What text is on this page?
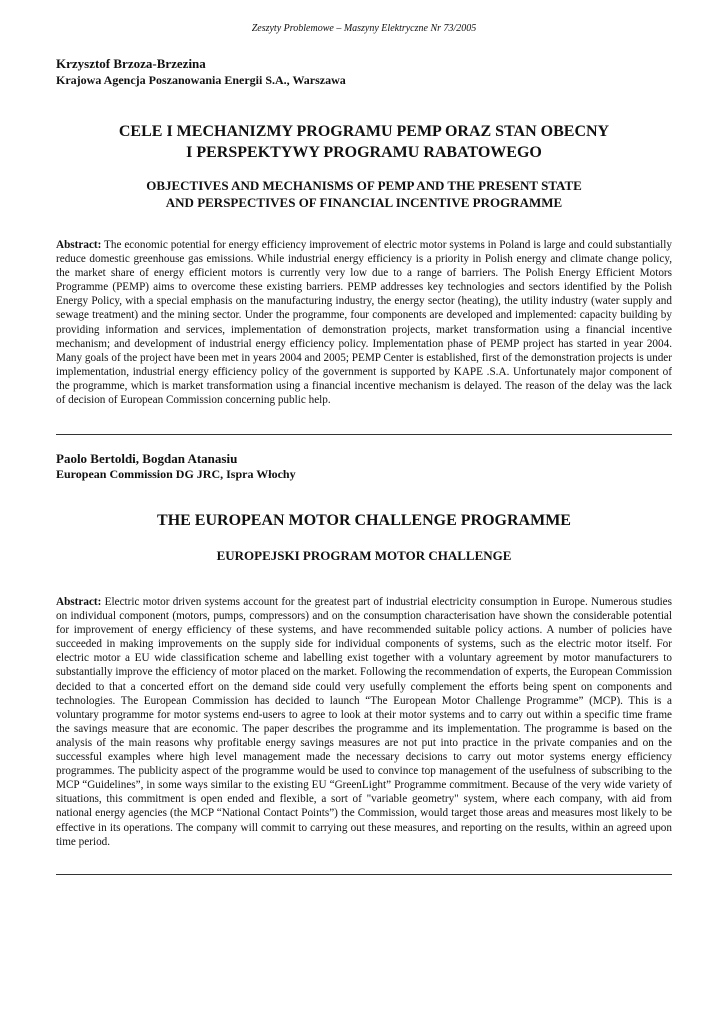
Zeszyty Problemowe – Maszyny Elektryczne Nr 73/2005
Krzysztof Brzoza-Brzezina
Krajowa Agencja Poszanowania Energii S.A., Warszawa
CELE I MECHANIZMY PROGRAMU PEMP ORAZ STAN OBECNY
I PERSPEKTYWY PROGRAMU RABATOWEGO
OBJECTIVES AND MECHANISMS OF PEMP AND THE PRESENT STATE
AND PERSPECTIVES OF FINANCIAL INCENTIVE PROGRAMME

Abstract: The economic potential for energy efficiency improvement of electric motor systems in Poland is large and could substantially reduce domestic greenhouse gas emissions. While industrial energy efficiency is a priority in Polish energy and climate change policy, the market share of energy efficient motors is currently very low due to a range of barriers. The Polish Energy Efficient Motors Programme (PEMP) aims to overcome these existing barriers. PEMP addresses key technologies and sectors identified by the Polish Energy Policy, with a special emphasis on the manufacturing industry, the energy sector (heating), the utility industry (water supply and sewage treatment) and the mining sector. Under the programme, four components are developed and implemented: capacity building by providing information and services, implementation of demonstration projects, market transformation using a financial incentive mechanism; and development of industrial energy efficiency policy. Implementation phase of PEMP project has started in year 2004. Many goals of the project have been met in years 2004 and 2005; PEMP Center is established, first of the demonstration projects is under implementation, industrial energy efficiency policy of the government is supported by KAPE .S.A. Unfortunately major component of the programme, which is market transformation using a financial incentive mechanism is delayed. The reason of the delay was the lack of decision of European Commission concerning public help.

Paolo Bertoldi, Bogdan Atanasiu
European Commission DG JRC, Ispra Włochy
THE EUROPEAN MOTOR CHALLENGE PROGRAMME
EUROPEJSKI PROGRAM MOTOR CHALLENGE

Abstract: Electric motor driven systems account for the greatest part of industrial electricity consumption in Europe. Numerous studies on individual component (motors, pumps, compressors) and on the consumption characterisation have shown the considerable potential for improvement of energy efficiency of these systems, and have recommended suitable policy actions. A number of policies have succeeded in making improvements on the supply side for individual components of systems, such as the electric motor itself. For electric motor a EU wide classification scheme and labelling exist together with a voluntary agreement by motor manufacturers to substantially improve the efficiency of motor placed on the market. Following the recommendation of experts, the European Commission decided to that a concerted effort on the demand side could very usefully complement the efforts being spent on components and technologies. The European Commission has decided to launch “The European Motor Challenge Programme” (MCP). This is a voluntary programme for motor systems end-users to agree to look at their motor systems and to carry out within a specific time frame the savings measure that are economic. The paper describes the programme and its implementation. The programme is based on the analysis of the main reasons why profitable energy savings measures are not put into practice in the private companies and on the successful examples where high level management made the necessary decisions to carry out motor systems energy efficiency programmes. The publicity aspect of the programme would be used to convince top management of the usefulness of subscribing to the MCP “Guidelines”, in some ways similar to the existing EU “GreenLight” Programme commitment. Because of the very wide variety of situations, this commitment is open ended and flexible, a sort of "variable geometry" system, where each company, with aid from national energy agencies (the MCP “National Contact Points”) the Commission, would target those areas and measures most likely to be effective in its operations. The company will commit to carrying out these measures, and reporting on the results, within an agreed upon time period.
